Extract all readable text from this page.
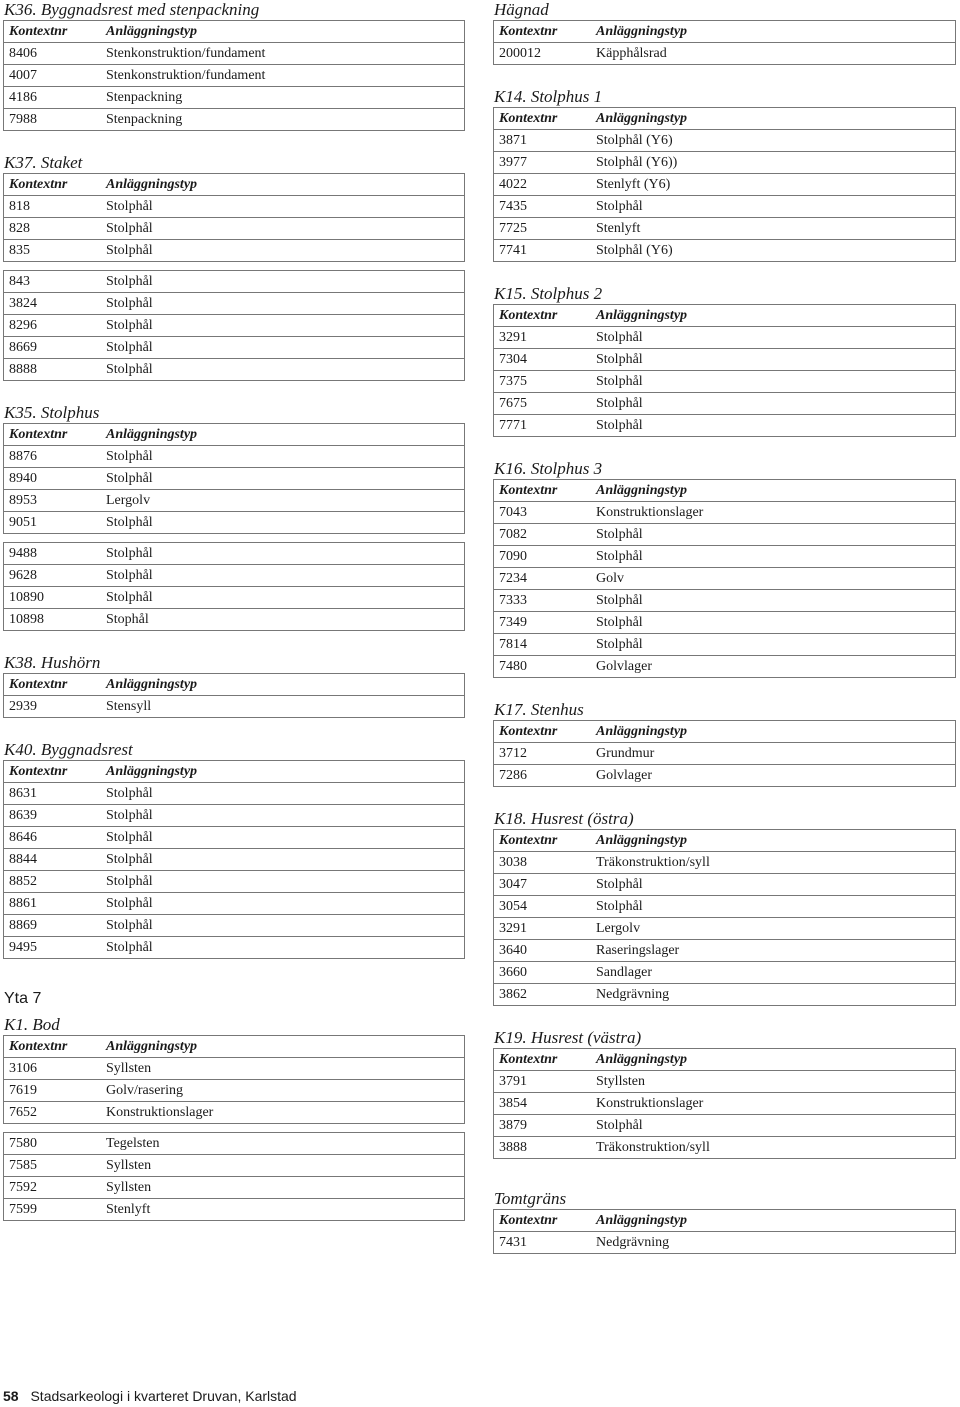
K36. Byggnadsrest med stenpackning

Kontextnr	Anläggningstyp
8406	Stenkonstruktion/fundament
4007	Stenkonstruktion/fundament
4186	Stenpackning
7988	Stenpackning

K37. Staket

Kontextnr	Anläggningstyp
818	Stolphål
828	Stolphål
835	Stolphål
843	Stolphål
3824	Stolphål
8296	Stolphål
8669	Stolphål
8888	Stolphål

K35. Stolphus

Kontextnr	Anläggningstyp
8876	Stolphål
8940	Stolphål
8953	Lergolv
9051	Stolphål
9488	Stolphål
9628	Stolphål
10890	Stolphål
10898	Stophål

K38. Hushörn

Kontextnr	Anläggningstyp
2939	Stensyll

K40. Byggnadsrest

Kontextnr	Anläggningstyp
8631	Stolphål
8639	Stolphål
8646	Stolphål
8844	Stolphål
8852	Stolphål
8861	Stolphål
8869	Stolphål
9495	Stolphål

Yta 7

K1. Bod

Kontextnr	Anläggningstyp
3106	Syllsten
7619	Golv/rasering
7652	Konstruktionslager
7580	Tegelsten
7585	Syllsten
7592	Syllsten
7599	Stenlyft

Hägnad

Kontextnr	Anläggningstyp
200012	Käpphålsrad

K14. Stolphus 1

Kontextnr	Anläggningstyp
3871	Stolphål (Y6)
3977	Stolphål (Y6))
4022	Stenlyft (Y6)
7435	Stolphål
7725	Stenlyft
7741	Stolphål (Y6)

K15. Stolphus 2

Kontextnr	Anläggningstyp
3291	Stolphål
7304	Stolphål
7375	Stolphål
7675	Stolphål
7771	Stolphål

K16. Stolphus 3

Kontextnr	Anläggningstyp
7043	Konstruktionslager
7082	Stolphål
7090	Stolphål
7234	Golv
7333	Stolphål
7349	Stolphål
7814	Stolphål
7480	Golvlager

K17. Stenhus

Kontextnr	Anläggningstyp
3712	Grundmur
7286	Golvlager

K18. Husrest (östra)

Kontextnr	Anläggningstyp
3038	Träkonstruktion/syll
3047	Stolphål
3054	Stolphål
3291	Lergolv
3640	Raseringslager
3660	Sandlager
3862	Nedgrävning

K19. Husrest (västra)

Kontextnr	Anläggningstyp
3791	Styllsten
3854	Konstruktionslager
3879	Stolphål
3888	Träkonstruktion/syll

Tomtgräns

Kontextnr	Anläggningstyp
7431	Nedgrävning
58 Stadsarkeologi i kvarteret Druvan, Karlstad
